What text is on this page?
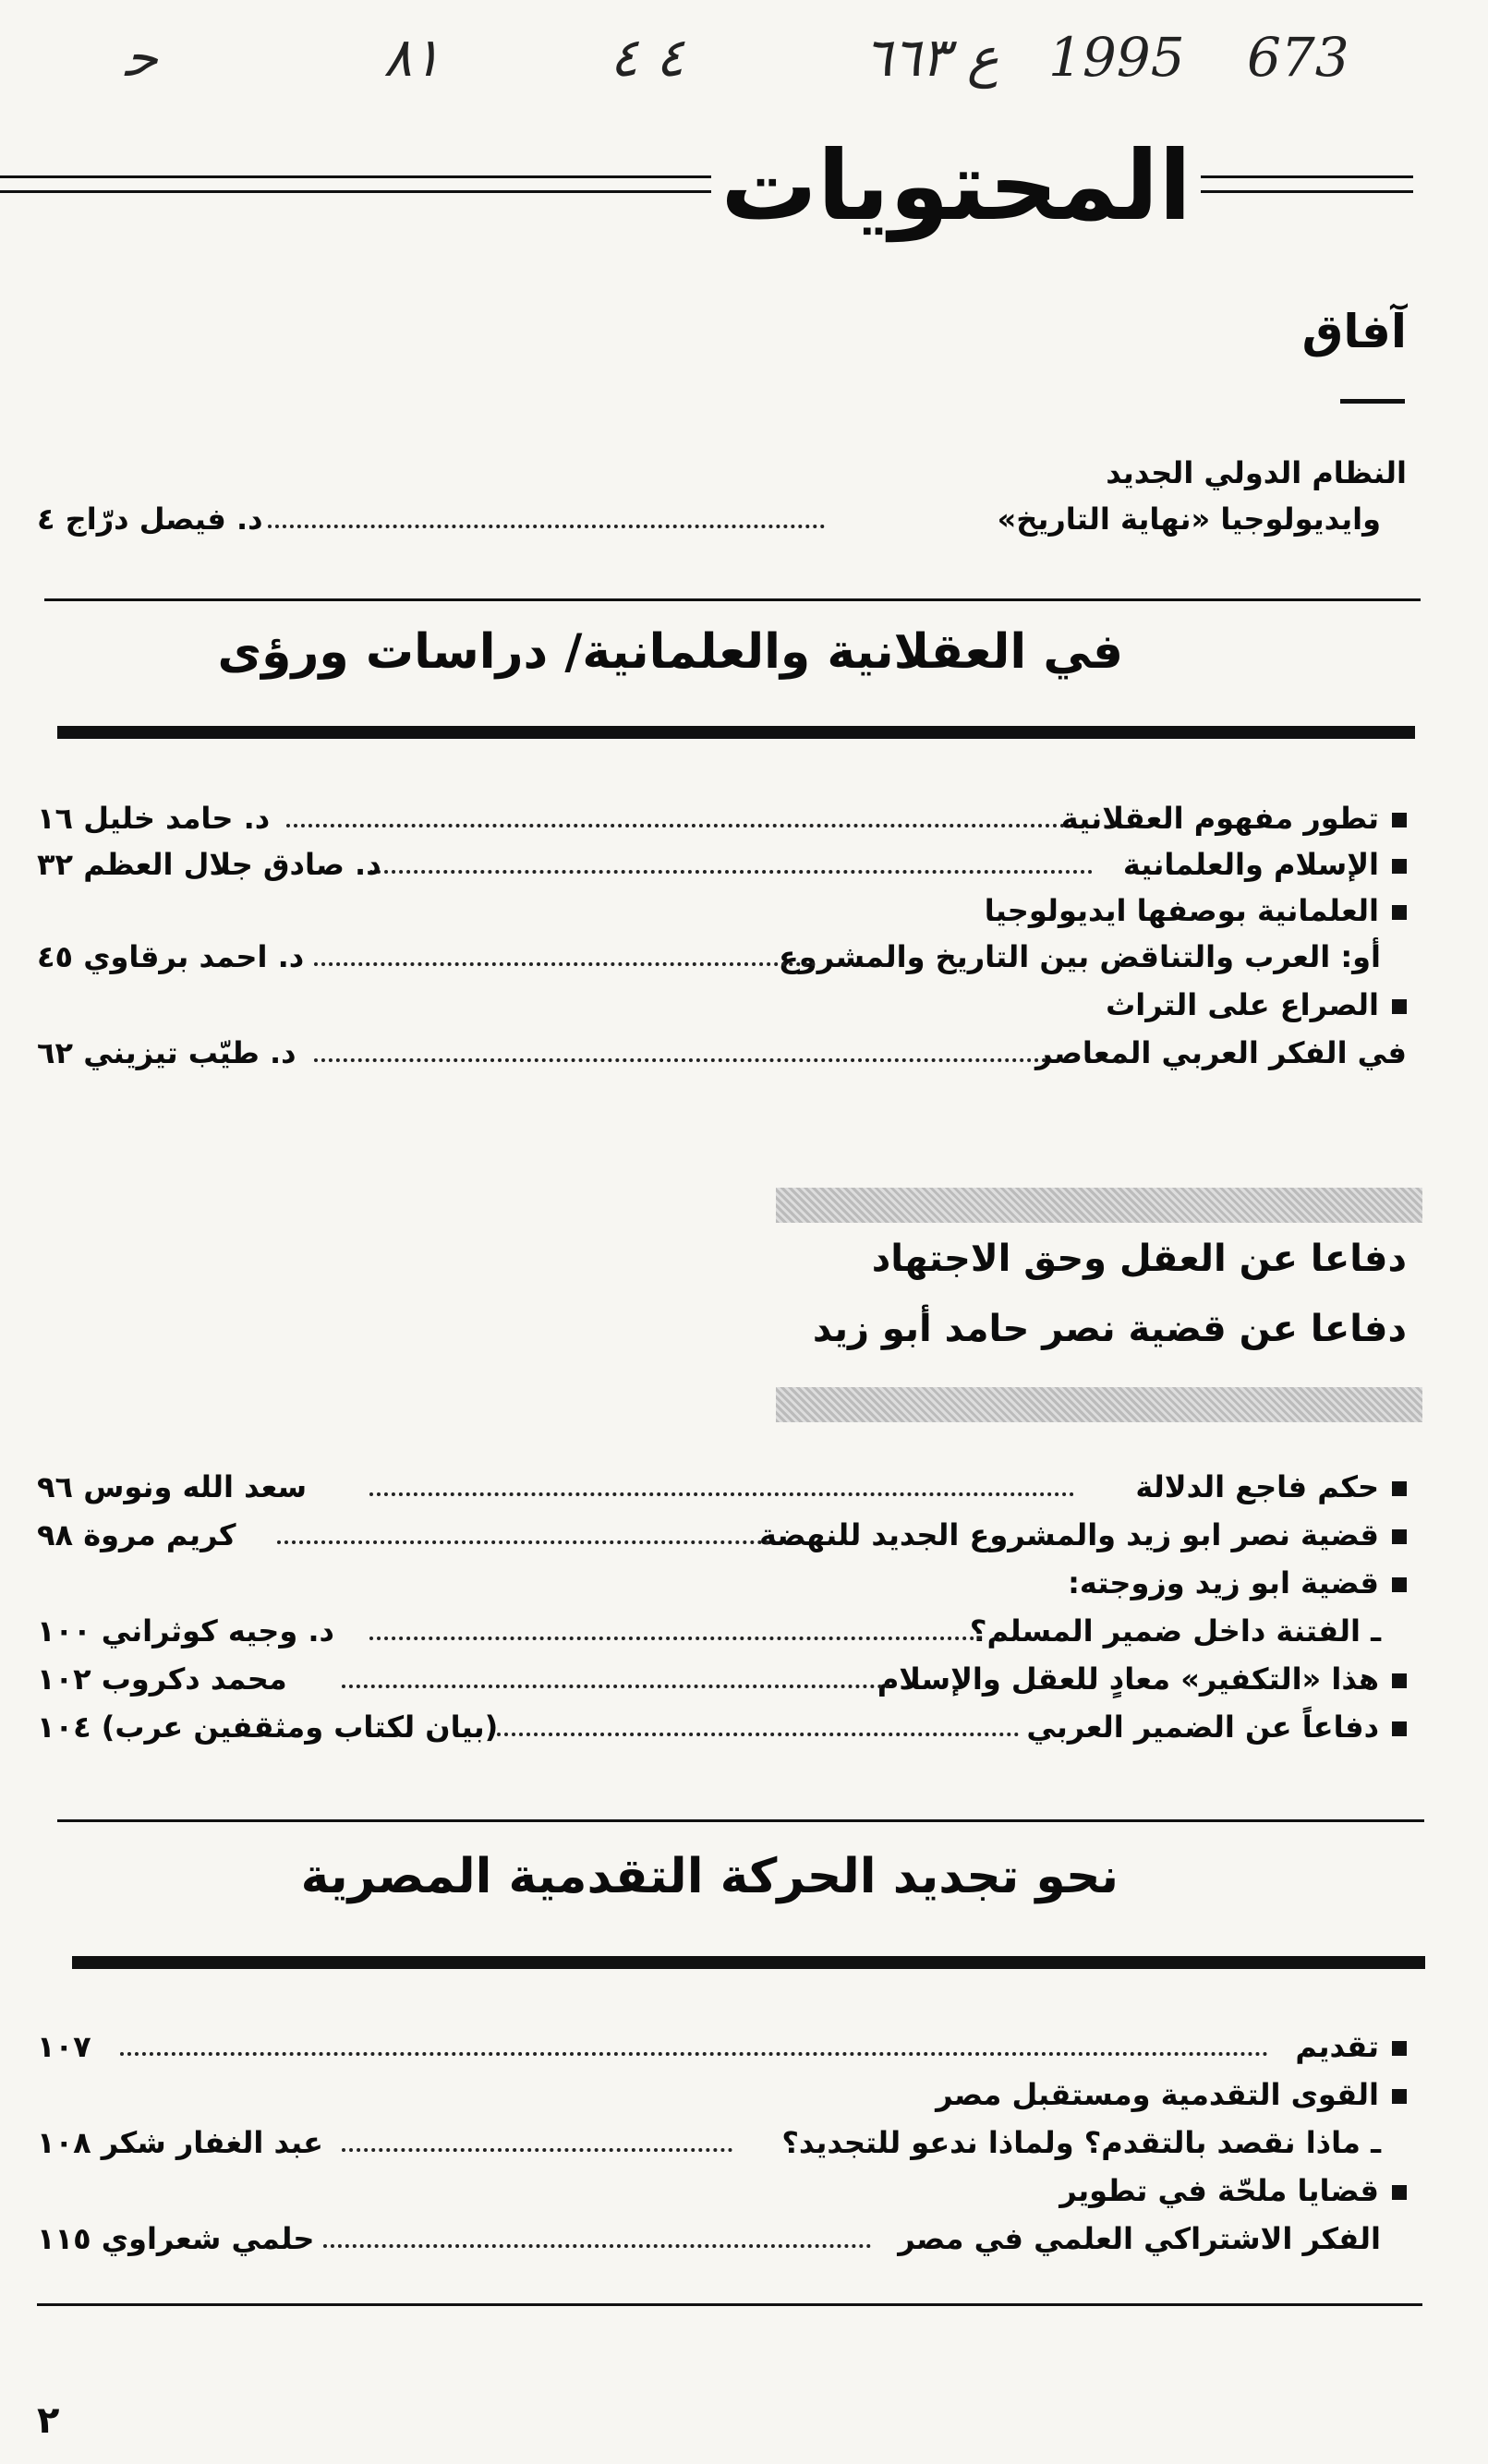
673
1995
ع ٦٦٣
٤ ٤
٨١
ﺣ
المحتويات
آفاق
النظام الدولي الجديد
وايديولوجيا «نهاية التاريخ»
د. فيصل درّاج ٤
في العقلانية والعلمانية/ دراسات ورؤى
تطور مفهوم العقلانية
د. حامد خليل ١٦
الإسلام والعلمانية
د. صادق جلال العظم ٣٢
العلمانية بوصفها ايديولوجيا
أو: العرب والتناقض بين التاريخ والمشروع
د. احمد برقاوي ٤٥
الصراع على التراث
في الفكر العربي المعاصر
د. طيّب تيزيني ٦٢
دفاعا عن العقل وحق الاجتهاد
دفاعا عن قضية نصر حامد أبو زيد
حكم فاجع الدلالة
سعد الله ونوس ٩٦
قضية نصر ابو زيد والمشروع الجديد للنهضة
كريم مروة ٩٨
قضية ابو زيد وزوجته:
ـ الفتنة داخل ضمير المسلم؟
د. وجيه كوثراني ١٠٠
هذا «التكفير» معادٍ للعقل والإسلام
محمد دكروب ١٠٢
دفاعاً عن الضمير العربي
(بيان لكتاب ومثقفين عرب) ١٠٤
نحو تجديد الحركة التقدمية المصرية
تقديم
١٠٧
القوى التقدمية ومستقبل مصر
ـ ماذا نقصد بالتقدم؟ ولماذا ندعو للتجديد؟
عبد الغفار شكر ١٠٨
قضايا ملحّة في تطوير
الفكر الاشتراكي العلمي في مصر
حلمي شعراوي ١١٥
٢
